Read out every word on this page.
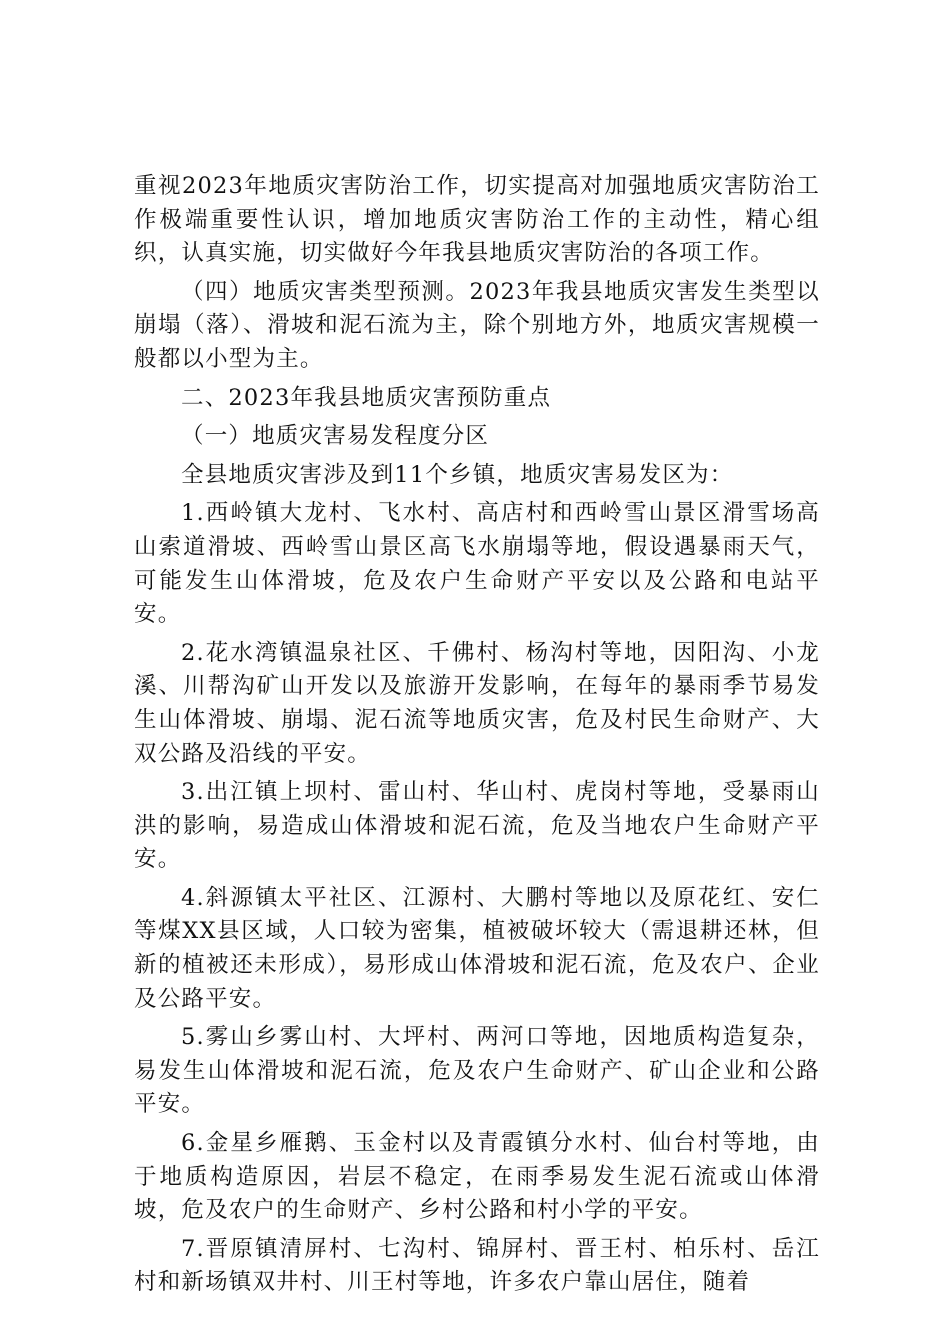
重视2023年地质灾害防治工作，切实提高对加强地质灾害防治工作极端重要性认识，增加地质灾害防治工作的主动性，精心组织，认真实施，切实做好今年我县地质灾害防治的各项工作。

（四）地质灾害类型预测。2023年我县地质灾害发生类型以崩塌（落）、滑坡和泥石流为主，除个别地方外，地质灾害规模一般都以小型为主。

二、2023年我县地质灾害预防重点

（一）地质灾害易发程度分区

全县地质灾害涉及到11个乡镇，地质灾害易发区为：

1.西岭镇大龙村、飞水村、高店村和西岭雪山景区滑雪场高山索道滑坡、西岭雪山景区高飞水崩塌等地，假设遇暴雨天气，可能发生山体滑坡，危及农户生命财产平安以及公路和电站平安。

2.花水湾镇温泉社区、千佛村、杨沟村等地，因阳沟、小龙溪、川帮沟矿山开发以及旅游开发影响，在每年的暴雨季节易发生山体滑坡、崩塌、泥石流等地质灾害，危及村民生命财产、大双公路及沿线的平安。

3.出江镇上坝村、雷山村、华山村、虎岗村等地，受暴雨山洪的影响，易造成山体滑坡和泥石流，危及当地农户生命财产平安。

4.斜源镇太平社区、江源村、大鹏村等地以及原花红、安仁等煤XX县区域，人口较为密集，植被破坏较大（需退耕还林，但新的植被还未形成），易形成山体滑坡和泥石流，危及农户、企业及公路平安。

5.雾山乡雾山村、大坪村、两河口等地，因地质构造复杂，易发生山体滑坡和泥石流，危及农户生命财产、矿山企业和公路平安。

6.金星乡雁鹅、玉金村以及青霞镇分水村、仙台村等地，由于地质构造原因，岩层不稳定，在雨季易发生泥石流或山体滑坡，危及农户的生命财产、乡村公路和村小学的平安。

7.晋原镇清屏村、七沟村、锦屏村、晋王村、柏乐村、岳江村和新场镇双井村、川王村等地，许多农户靠山居住，随着
